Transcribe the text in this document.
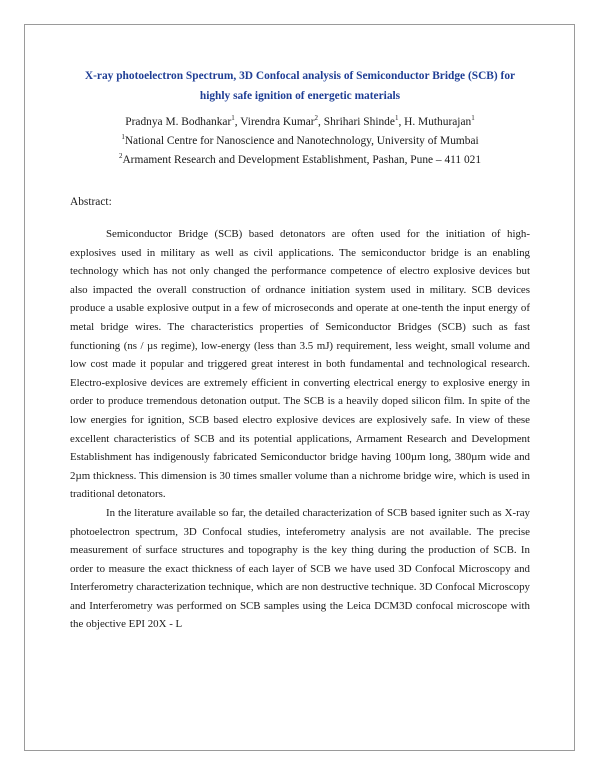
X-ray photoelectron Spectrum, 3D Confocal analysis of Semiconductor Bridge (SCB) for highly safe ignition of energetic materials

Pradnya M. Bodhankar$^1$, Virendra Kumar$^2$, Shrihari Shinde$^1$, H. Muthurajan$^1$
$^1$National Centre for Nanoscience and Nanotechnology, University of Mumbai
$^2$Armament Research and Development Establishment, Pashan, Pune – 411 021
Abstract:

Semiconductor Bridge (SCB) based detonators are often used for the initiation of high-explosives used in military as well as civil applications. The semiconductor bridge is an enabling technology which has not only changed the performance competence of electro explosive devices but also impacted the overall construction of ordnance initiation system used in military. SCB devices produce a usable explosive output in a few of microseconds and operate at one-tenth the input energy of metal bridge wires. The characteristics properties of Semiconductor Bridges (SCB) such as fast functioning (ns / µs regime), low-energy (less than 3.5 mJ) requirement, less weight, small volume and low cost made it popular and triggered great interest in both fundamental and technological research. Electro-explosive devices are extremely efficient in converting electrical energy to explosive energy in order to produce tremendous detonation output. The SCB is a heavily doped silicon film. In spite of the low energies for ignition, SCB based electro explosive devices are explosively safe. In view of these excellent characteristics of SCB and its potential applications, Armament Research and Development Establishment has indigenously fabricated Semiconductor bridge having 100µm long, 380µm wide and 2µm thickness. This dimension is 30 times smaller volume than a nichrome bridge wire, which is used in traditional detonators.

In the literature available so far, the detailed characterization of SCB based igniter such as X-ray photoelectron spectrum, 3D Confocal studies, inteferometry analysis are not available. The precise measurement of surface structures and topography is the key thing during the production of SCB. In order to measure the exact thickness of each layer of SCB we have used 3D Confocal Microscopy and Interferometry characterization technique, which are non destructive technique. 3D Confocal Microscopy and Interferometry was performed on SCB samples using the Leica DCM3D confocal microscope with the objective EPI 20X - L
